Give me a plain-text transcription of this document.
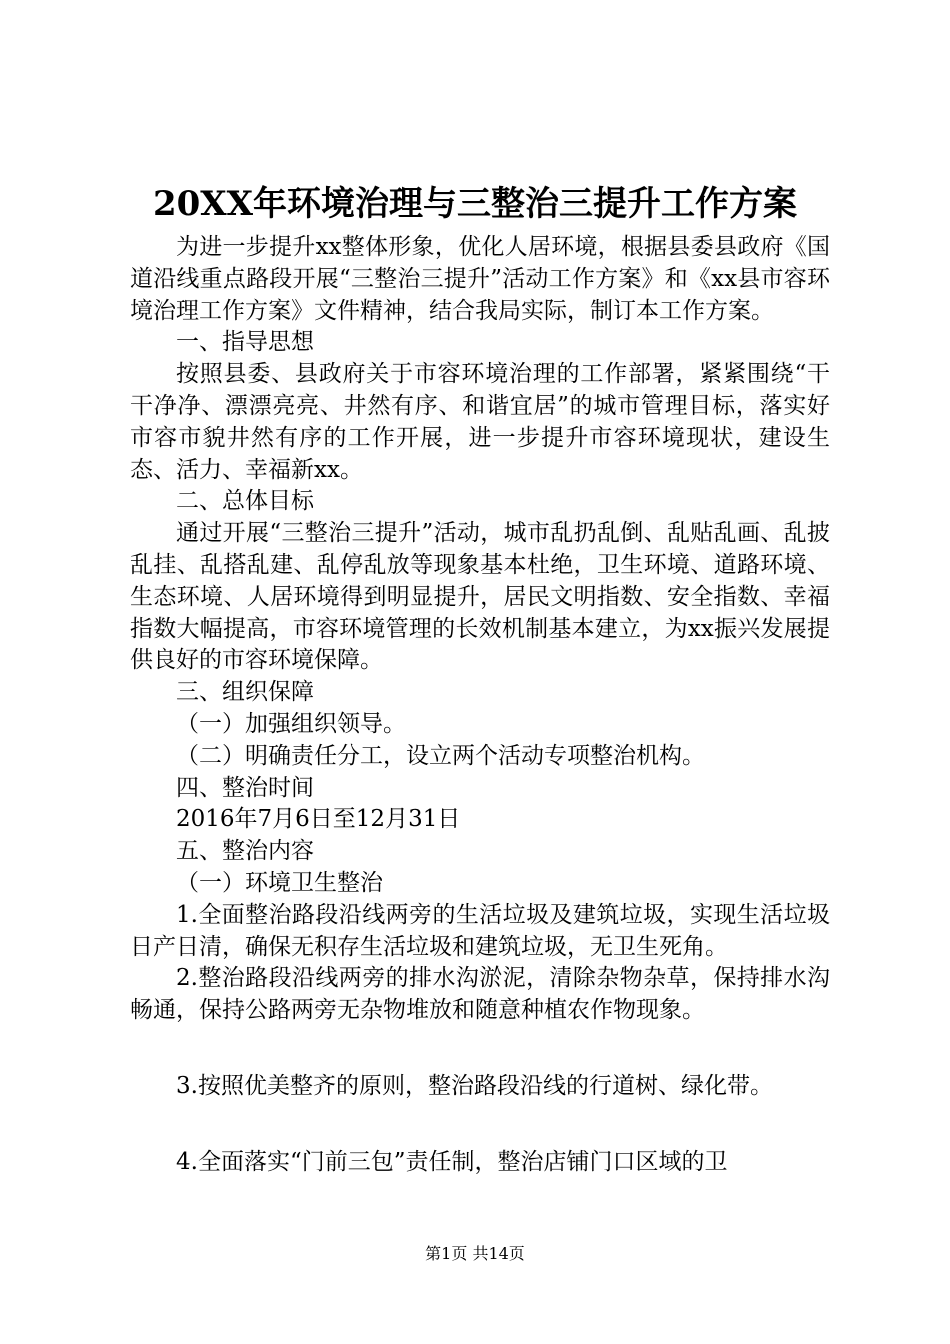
20XX年环境治理与三整治三提升工作方案

为进一步提升xx整体形象，优化人居环境，根据县委县政府《国道沿线重点路段开展“三整治三提升”活动工作方案》和《xx县市容环境治理工作方案》文件精神，结合我局实际，制订本工作方案。

一、指导思想

按照县委、县政府关于市容环境治理的工作部署，紧紧围绕“干干净净、漂漂亮亮、井然有序、和谐宜居”的城市管理目标，落实好市容市貌井然有序的工作开展，进一步提升市容环境现状，建设生态、活力、幸福新xx。

二、总体目标

通过开展“三整治三提升”活动，城市乱扔乱倒、乱贴乱画、乱披乱挂、乱搭乱建、乱停乱放等现象基本杜绝，卫生环境、道路环境、生态环境、人居环境得到明显提升，居民文明指数、安全指数、幸福指数大幅提高，市容环境管理的长效机制基本建立，为xx振兴发展提供良好的市容环境保障。

三、组织保障

（一）加强组织领导。

（二）明确责任分工，设立两个活动专项整治机构。

四、整治时间

2016年7月6日至12月31日

五、整治内容

（一）环境卫生整治

1.全面整治路段沿线两旁的生活垃圾及建筑垃圾，实现生活垃圾日产日清，确保无积存生活垃圾和建筑垃圾，无卫生死角。

2.整治路段沿线两旁的排水沟淤泥，清除杂物杂草，保持排水沟畅通，保持公路两旁无杂物堆放和随意种植农作物现象。

3.按照优美整齐的原则，整治路段沿线的行道树、绿化带。

4.全面落实“门前三包”责任制，整治店铺门口区域的卫

第1页 共14页
